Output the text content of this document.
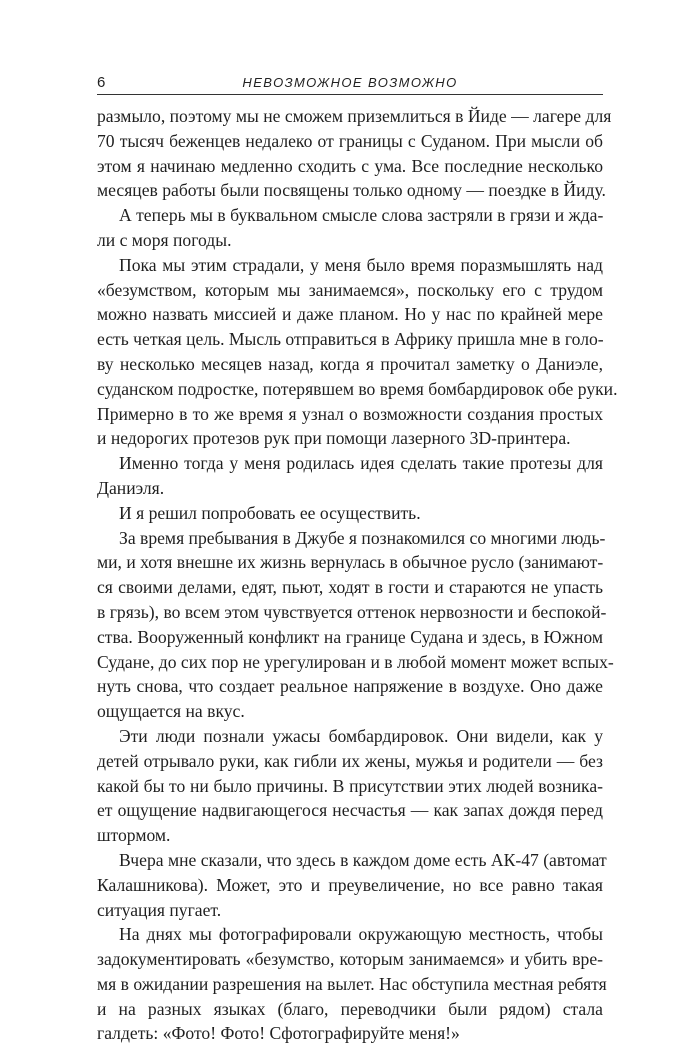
6	НЕВОЗМОЖНОЕ ВОЗМОЖНО
размыло, поэтому мы не сможем приземлиться в Йиде — лагере для
70 тысяч беженцев недалеко от границы с Суданом. При мысли об
этом я начинаю медленно сходить с ума. Все последние несколько
месяцев работы были посвящены только одному — поездке в Йиду.
А теперь мы в буквальном смысле слова застряли в грязи и жда-
ли с моря погоды.
Пока мы этим страдали, у меня было время поразмышлять над
«безумством, которым мы занимаемся», поскольку его с трудом
можно назвать миссией и даже планом. Но у нас по крайней мере
есть четкая цель. Мысль отправиться в Африку пришла мне в голо-
ву несколько месяцев назад, когда я прочитал заметку о Даниэле,
суданском подростке, потерявшем во время бомбардировок обе руки.
Примерно в то же время я узнал о возможности создания простых
и недорогих протезов рук при помощи лазерного 3D-принтера.
Именно тогда у меня родилась идея сделать такие протезы для
Даниэля.
И я решил попробовать ее осуществить.
За время пребывания в Джубе я познакомился со многими людь-
ми, и хотя внешне их жизнь вернулась в обычное русло (занимают-
ся своими делами, едят, пьют, ходят в гости и стараются не упасть
в грязь), во всем этом чувствуется оттенок нервозности и беспокой-
ства. Вооруженный конфликт на границе Судана и здесь, в Южном
Судане, до сих пор не урегулирован и в любой момент может вспых-
нуть снова, что создает реальное напряжение в воздухе. Оно даже
ощущается на вкус.
Эти люди познали ужасы бомбардировок. Они видели, как у
детей отрывало руки, как гибли их жены, мужья и родители — без
какой бы то ни было причины. В присутствии этих людей возника-
ет ощущение надвигающегося несчастья — как запах дождя перед
штормом.
Вчера мне сказали, что здесь в каждом доме есть АК-47 (автомат
Калашникова). Может, это и преувеличение, но все равно такая
ситуация пугает.
На днях мы фотографировали окружающую местность, чтобы
задокументировать «безумство, которым занимаемся» и убить вре-
мя в ожидании разрешения на вылет. Нас обступила местная ребятя
и на разных языках (благо, переводчики были рядом) стала
галдеть: «Фото! Фото! Сфотографируйте меня!»
